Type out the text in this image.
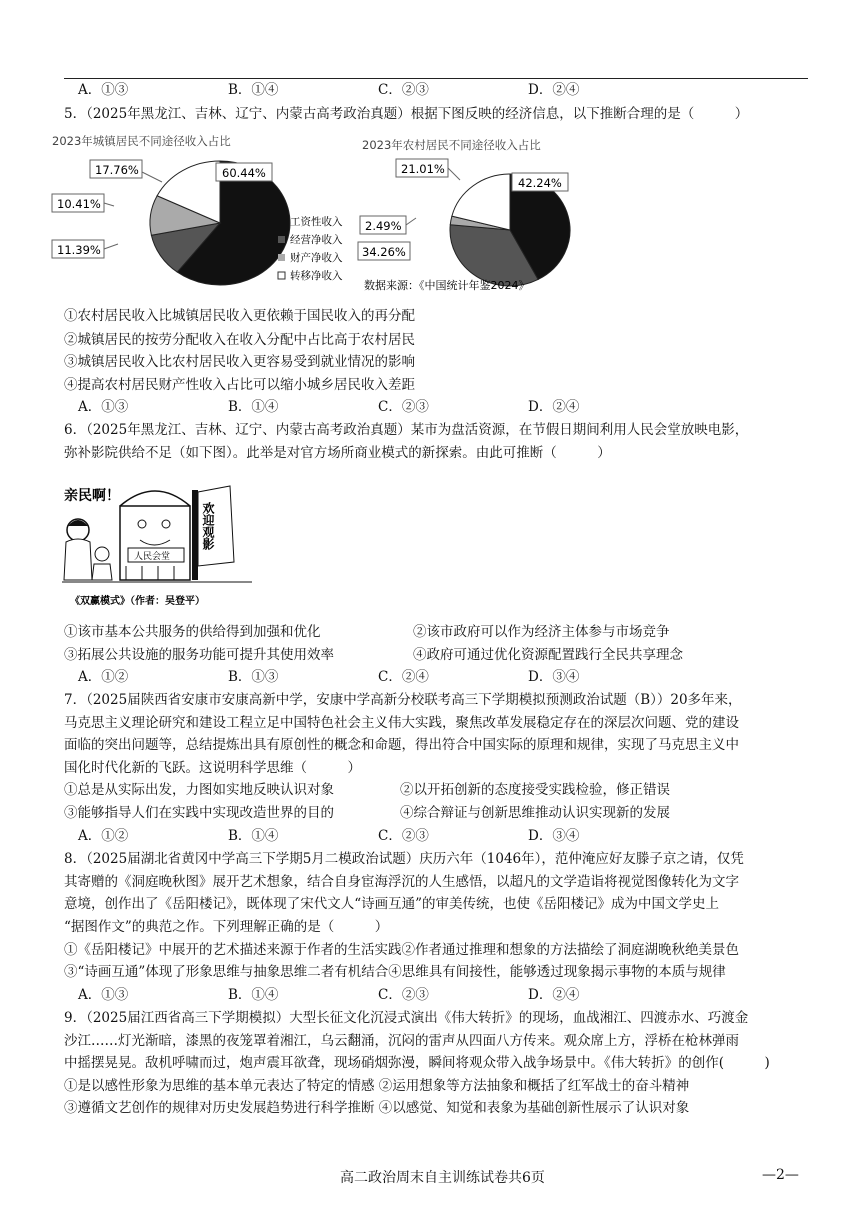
A．①③	B．①④	C．②③	D．②④
5．（2025年黑龙江、吉林、辽宁、内蒙古高考政治真题）根据下图反映的经济信息，以下推断合理的是（　　　）
2023年城镇居民不同途径收入占比	2023年农村居民不同途径收入占比
60.44%
17.76%
10.41%
11.39%
工资性收入
经营净收入
财产净收入
转移净收入
42.24%
21.01%
2.49%
34.26%
数据来源：《中国统计年鉴2024》
①农村居民收入比城镇居民收入更依赖于国民收入的再分配
②城镇居民的按劳分配收入在收入分配中占比高于农村居民
③城镇居民收入比农村居民收入更容易受到就业情况的影响
④提高农村居民财产性收入占比可以缩小城乡居民收入差距
A．①③	B．①④	C．②③	D．②④
6．（2025年黑龙江、吉林、辽宁、内蒙古高考政治真题）某市为盘活资源，在节假日期间利用人民会堂放映电影，
弥补影院供给不足（如下图）。此举是对官方场所商业模式的新探索。由此可推断（　　　）
亲民啊！
人民会堂
欢迎观影
《双赢模式》（作者：吴登平）
①该市基本公共服务的供给得到加强和优化	②该市政府可以作为经济主体参与市场竞争
③拓展公共设施的服务功能可提升其使用效率	④政府可通过优化资源配置践行全民共享理念
A．①②	B．①③	C．②④	D．③④
7．（2025届陕西省安康市安康高新中学，安康中学高新分校联考高三下学期模拟预测政治试题（B））20多年来，
马克思主义理论研究和建设工程立足中国特色社会主义伟大实践，聚焦改革发展稳定存在的深层次问题、党的建设
面临的突出问题等，总结提炼出具有原创性的概念和命题，得出符合中国实际的原理和规律，实现了马克思主义中
国化时代化新的飞跃。这说明科学思维（　　　）
①总是从实际出发，力图如实地反映认识对象	②以开拓创新的态度接受实践检验，修正错误
③能够指导人们在实践中实现改造世界的目的	④综合辩证与创新思维推动认识实现新的发展
A．①②	B．①④	C．②③	D．③④
8．（2025届湖北省黄冈中学高三下学期5月二模政治试题）庆历六年（1046年），范仲淹应好友滕子京之请，仅凭
其寄赠的《洞庭晚秋图》展开艺术想象，结合自身宦海浮沉的人生感悟，以超凡的文学造诣将视觉图像转化为文字
意境，创作出了《岳阳楼记》，既体现了宋代文人“诗画互通”的审美传统，也使《岳阳楼记》成为中国文学史上
“据图作文”的典范之作。下列理解正确的是（　　　）
①《岳阳楼记》中展开的艺术描述来源于作者的生活实践②作者通过推理和想象的方法描绘了洞庭湖晚秋绝美景色
③“诗画互通”体现了形象思维与抽象思维二者有机结合④思维具有间接性，能够透过现象揭示事物的本质与规律
A．①③	B．①④	C．②③	D．②④
9．（2025届江西省高三下学期模拟）大型长征文化沉浸式演出《伟大转折》的现场，血战湘江、四渡赤水、巧渡金
沙江……灯光渐暗，漆黑的夜笼罩着湘江，乌云翻涌，沉闷的雷声从四面八方传来。观众席上方，浮桥在枪林弹雨
中摇摆晃晃。敌机呼啸而过，炮声震耳欲聋，现场硝烟弥漫，瞬间将观众带入战争场景中。《伟大转折》的创作(　　　)
①是以感性形象为思维的基本单元表达了特定的情感 ②运用想象等方法抽象和概括了红军战士的奋斗精神
③遵循文艺创作的规律对历史发展趋势进行科学推断 ④以感觉、知觉和表象为基础创新性展示了认识对象
高二政治周末自主训练试卷共6页	—2—
